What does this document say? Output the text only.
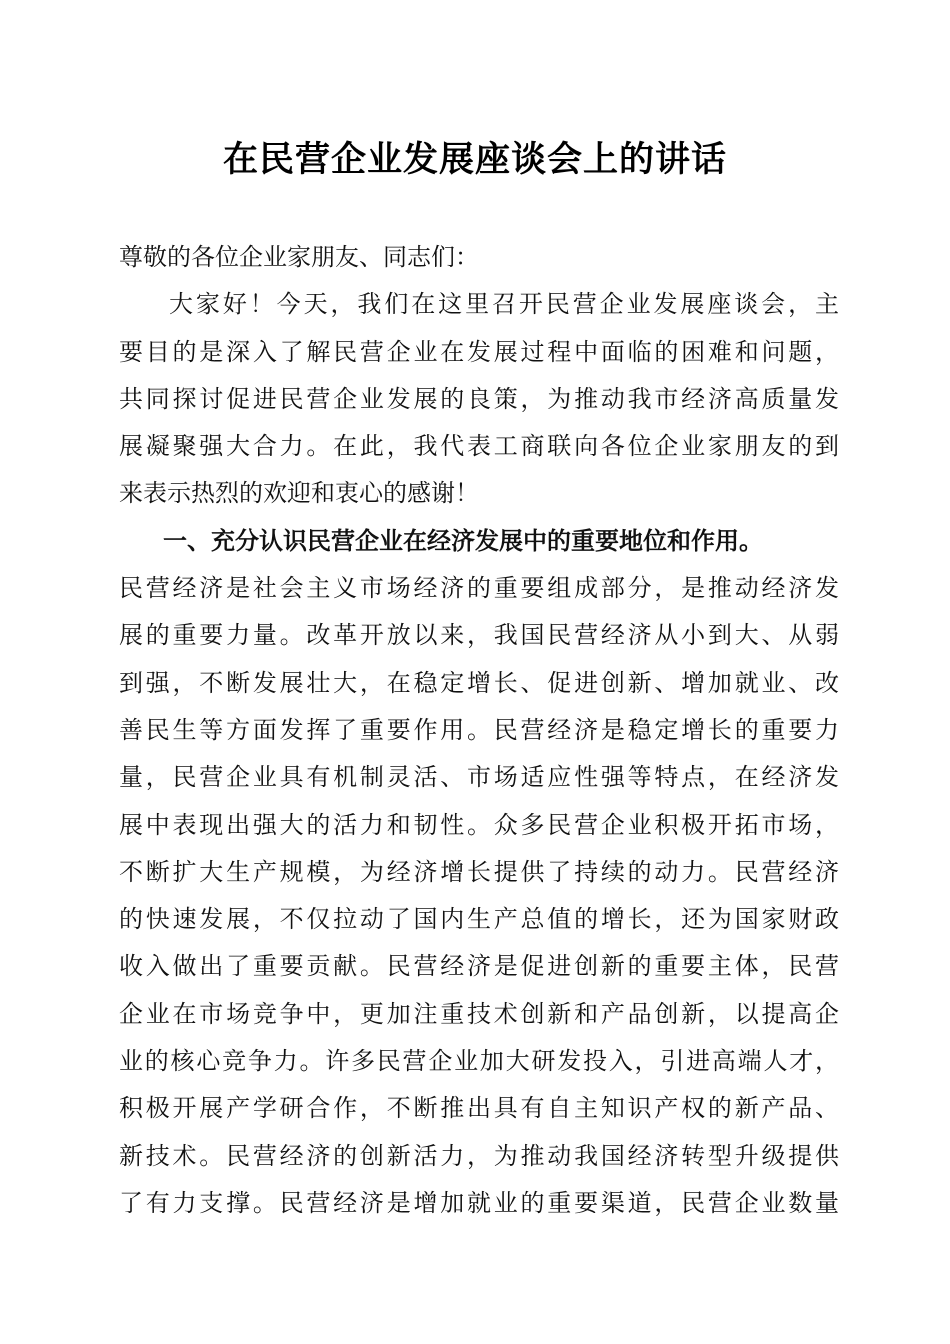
在民营企业发展座谈会上的讲话
尊敬的各位企业家朋友、同志们：
大家好！今天，我们在这里召开民营企业发展座谈会，主
要目的是深入了解民营企业在发展过程中面临的困难和问题，
共同探讨促进民营企业发展的良策，为推动我市经济高质量发
展凝聚强大合力。在此，我代表工商联向各位企业家朋友的到
来表示热烈的欢迎和衷心的感谢！
一、充分认识民营企业在经济发展中的重要地位和作用。
民营经济是社会主义市场经济的重要组成部分，是推动经济发
展的重要力量。改革开放以来，我国民营经济从小到大、从弱
到强，不断发展壮大，在稳定增长、促进创新、增加就业、改
善民生等方面发挥了重要作用。民营经济是稳定增长的重要力
量，民营企业具有机制灵活、市场适应性强等特点，在经济发
展中表现出强大的活力和韧性。众多民营企业积极开拓市场，
不断扩大生产规模，为经济增长提供了持续的动力。民营经济
的快速发展，不仅拉动了国内生产总值的增长，还为国家财政
收入做出了重要贡献。民营经济是促进创新的重要主体，民营
企业在市场竞争中，更加注重技术创新和产品创新，以提高企
业的核心竞争力。许多民营企业加大研发投入，引进高端人才，
积极开展产学研合作，不断推出具有自主知识产权的新产品、
新技术。民营经济的创新活力，为推动我国经济转型升级提供
了有力支撑。民营经济是增加就业的重要渠道，民营企业数量
